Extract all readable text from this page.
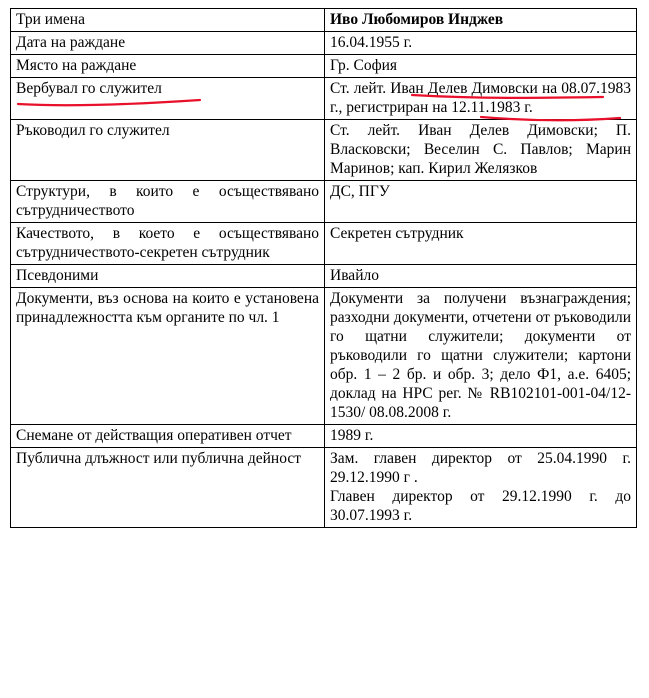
Три имена	Иво Любомиров Инджев
Дата на раждане	16.04.1955 г.
Място на раждане	Гр. София
Вербувал го служител	Ст. лейт. Иван Делев Димовски на 08.07.1983 г., регистриран на 12.11.1983 г.
Ръководил го служител	Ст. лейт. Иван Делев Димовски; П. Власковски; Веселин С. Павлов; Марин Маринов; кап. Кирил Желязков
Структури, в които е осъществявано сътрудничеството	ДС, ПГУ
Качеството, в което е осъществявано сътрудничеството-секретен сътрудник	Секретен сътрудник
Псевдоними	Ивайло
Документи, въз основа на които е установена принадлежността към органите по чл. 1	Документи за получени възнаграждения; разходни документи, отчетени от ръководили го щатни служители; документи от ръководили го щатни служители; картони обр. 1 – 2 бр. и обр. 3; дело Ф1, а.е. 6405; доклад на НРС рег. № RB102101-001-04/12-1530/ 08.08.2008 г.
Снемане от действащия оперативен отчет	1989 г.
Публична длъжност или публична дейност	Зам. главен директор от 25.04.1990 г. 29.12.1990 г .
Главен директор от 29.12.1990 г. до 30.07.1993 г.
